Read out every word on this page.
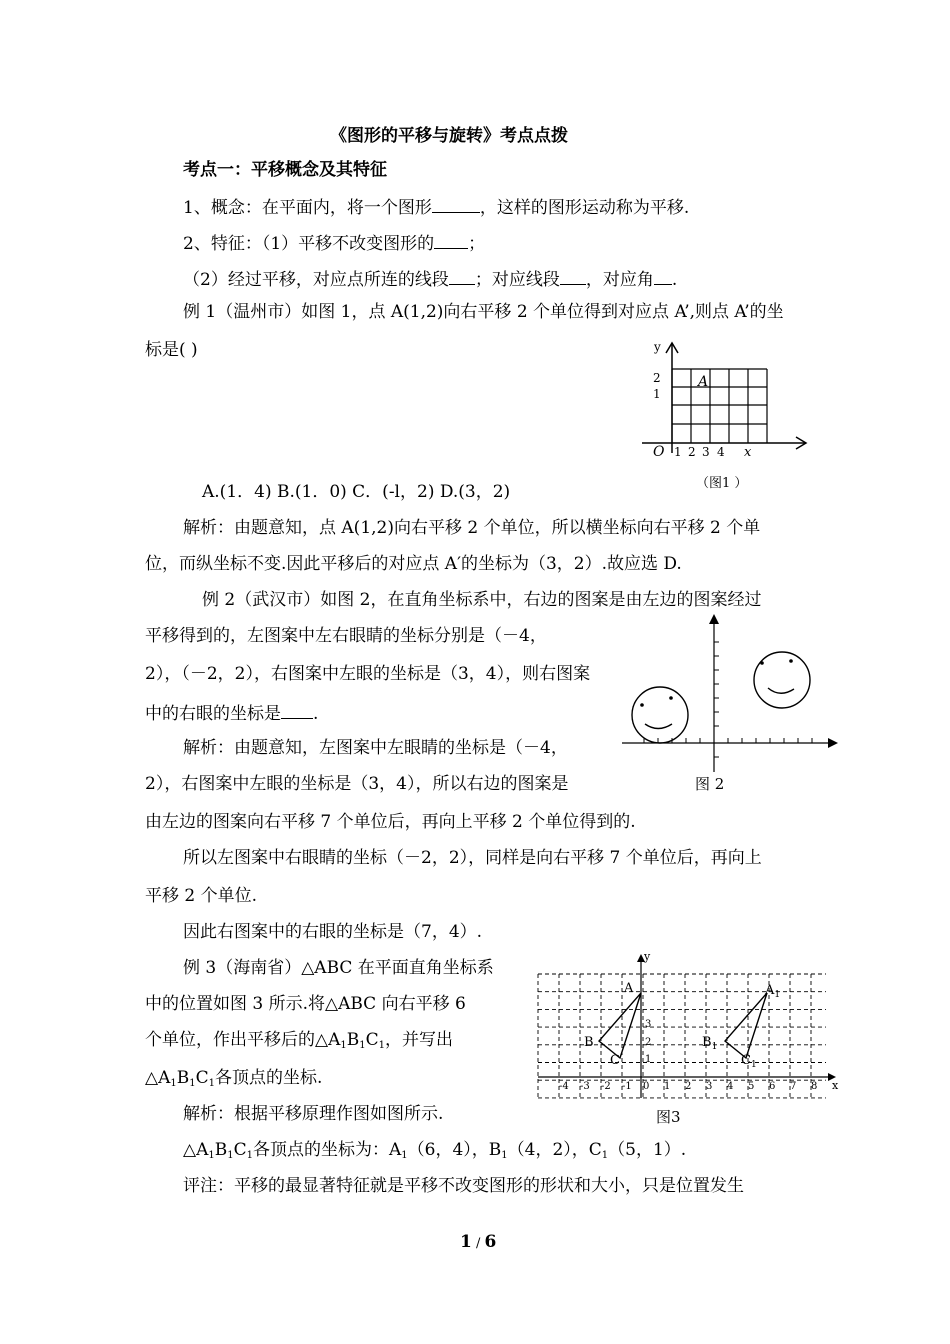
《图形的平移与旋转》考点点拨
考点一：平移概念及其特征
1、概念：在平面内，将一个图形	，这样的图形运动称为平移.
2、特征：（1）平移不改变图形的 ；
（2）经过平移，对应点所连的线段 ；对应线段 ，对应角 .
例 1（温州市）如图 1，点 A(1,2)向右平移 2 个单位得到对应点 A’,则点 A’的坐
标是( )	y
x
O
A
2
1
1 2 3 4
（图1 ）
A.(1．4) B.(1．0) C．(-l，2) D.(3，2)
解析：由题意知，点 A(1,2)向右平移 2 个单位，所以横坐标向右平移 2 个单
位，而纵坐标不变.因此平移后的对应点 A′的坐标为（3，2）.故应选 D.
例 2（武汉市）如图 2，在直角坐标系中，右边的图案是由左边的图案经过
平移得到的，左图案中左右眼睛的坐标分别是（－4，
2），（－2，2），右图案中左眼的坐标是（3，4），则右图案
中的右眼的坐标是 .
解析：由题意知，左图案中左眼睛的坐标是（－4，
2），右图案中左眼的坐标是（3，4），所以右边的图案是
由左边的图案向右平移 7 个单位后，再向上平移 2 个单位得到的.
所以左图案中右眼睛的坐标（－2，2），同样是向右平移 7 个单位后，再向上
平移 2 个单位.
因此右图案中的右眼的坐标是（7，4）.
图 2
例 3（海南省）△ABC 在平面直角坐标系
中的位置如图 3 所示.将△ABC 向右平移 6
个单位，作出平移后的$\triangle A_1B_1C_1$，并写出
$\triangle A_1B_1C_1$各顶点的坐标.
解析：根据平移原理作图如图所示.
$\triangle A_1B_1C_1$各顶点的坐标为：$A_1(6$，4），$B_1(4$，2），$C_1(5$，1）.
评注：平移的最显著特征就是平移不改变图形的形状和大小，只是位置发生
y
x
-4 -3 -2 -1 0 1 2 3 4 5 6 7 8
3
2
1
A
B
C
$A_1$
$B_1$
$C_1$
图3
1 / 6
